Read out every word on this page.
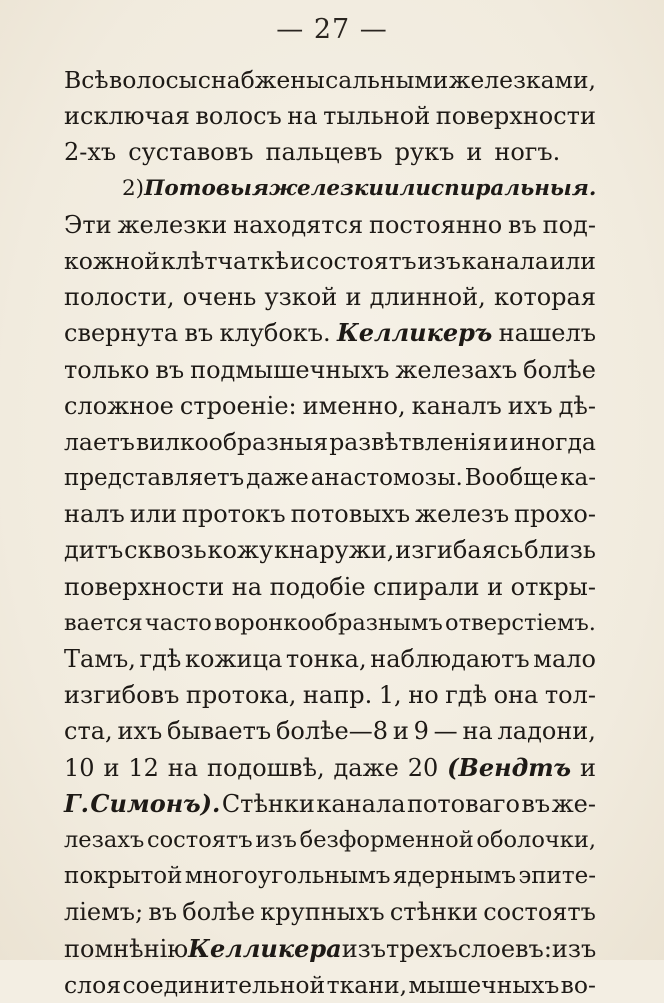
— 27 —
Всѣ волосы снабжены сальными железками,
исключая волосъ на тыльной поверхности
2-хъ суставовъ пальцевъ рукъ и ногъ.
2) Потовыя железки или спиральныя.
Эти железки находятся постоянно въ под-
кожной клѣтчаткѣ и состоятъ изъ канала или
полости, очень узкой и длинной, которая
свернута въ клубокъ. Келликеръ нашелъ
только въ подмышечныхъ железахъ болѣе
сложное строеніе: именно, каналъ ихъ дѣ-
лаетъ вилкообразныя развѣтвленія и иногда
представляетъ даже анастомозы. Вообще ка-
налъ или протокъ потовыхъ железъ прохо-
дитъ сквозь кожу кнаружи, изгибаясь близь
поверхности на подобіе спирали и откры-
вается часто воронкообразнымъ отверстіемъ.
Тамъ, гдѣ кожица тонка, наблюдаютъ мало
изгибовъ протока, напр. 1, но гдѣ она тол-
ста, ихъ бываетъ болѣе—8 и 9 — на ладони,
10 и 12 на подошвѣ, даже 20 (Вендтъ и
Г. Симонъ). Стѣнки канала потоваго въ же-
лезахъ состоятъ изъ безформенной оболочки,
покрытой многоугольнымъ ядернымъ эпите-
ліемъ; въ болѣе крупныхъ стѣнки состоятъ
по мнѣнію Келликера изъ трехъ слоевъ: изъ
слоя соединительной ткани, мышечныхъ во-
